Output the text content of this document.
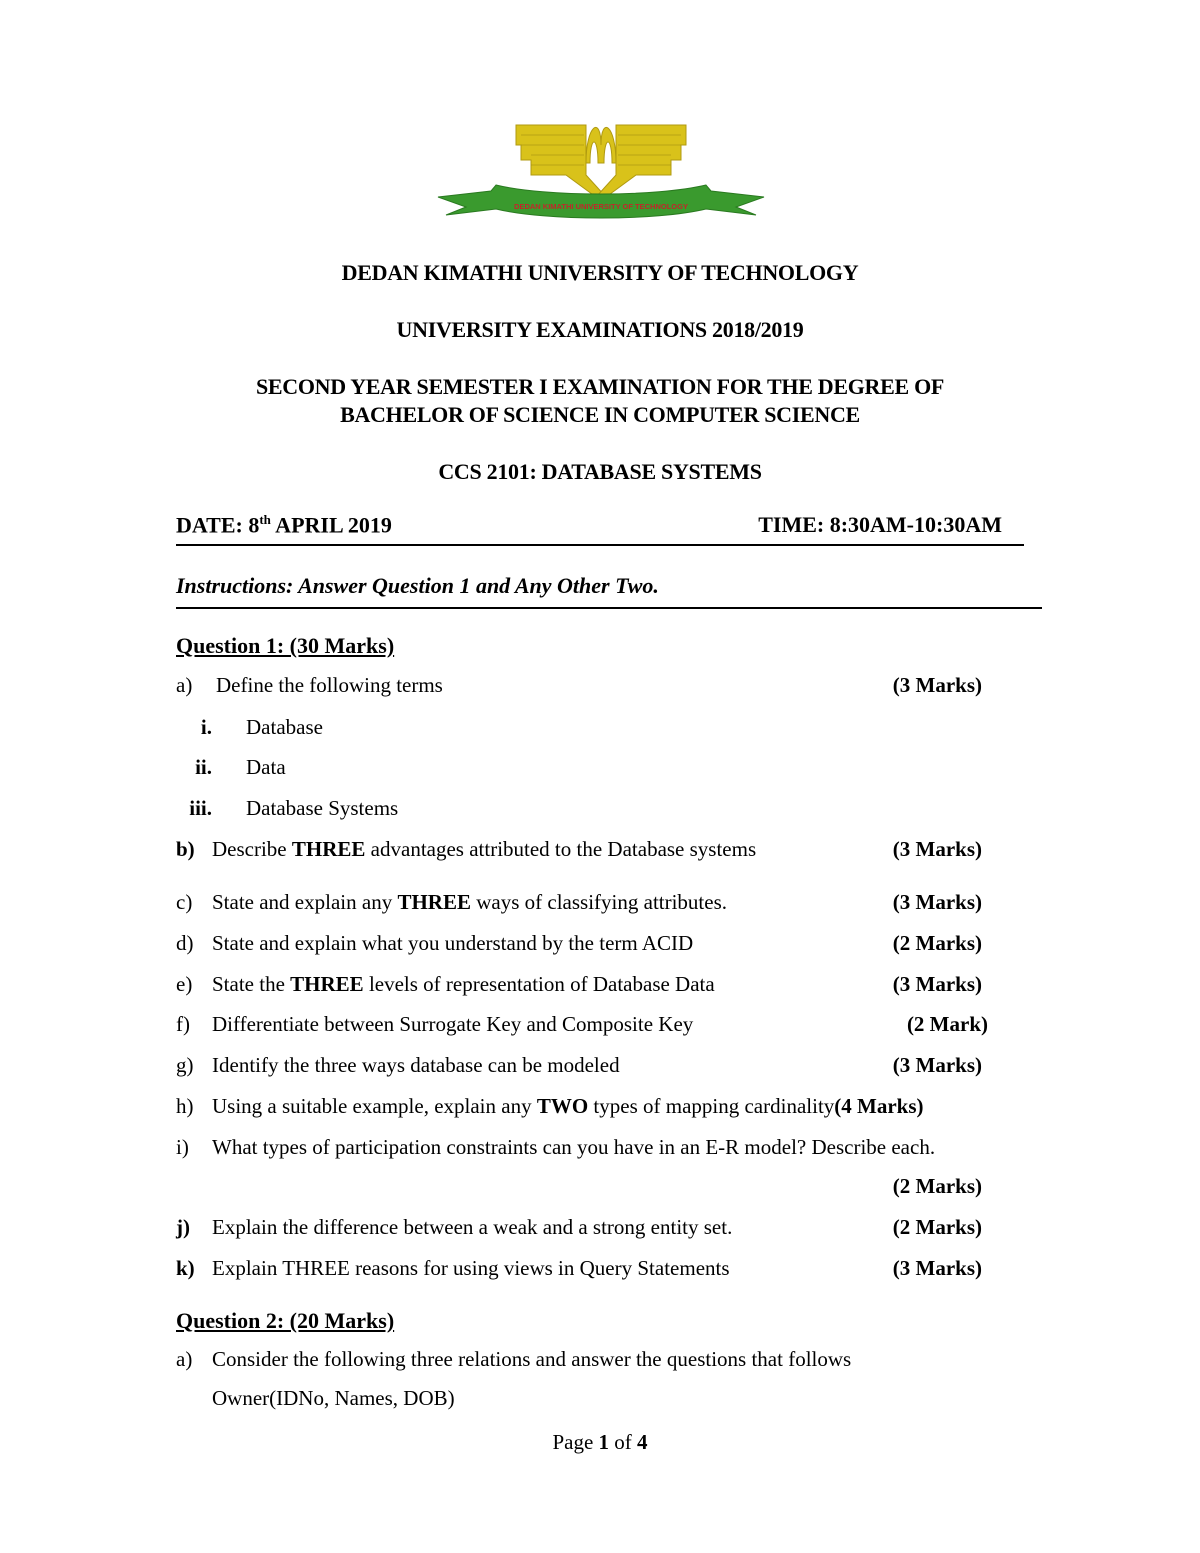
DEDAN KIMATHI UNIVERSITY OF TECHNOLOGY
DEDAN KIMATHI UNIVERSITY OF TECHNOLOGY
UNIVERSITY EXAMINATIONS 2018/2019
SECOND YEAR SEMESTER I EXAMINATION FOR THE DEGREE OF
BACHELOR OF SCIENCE IN COMPUTER SCIENCE
CCS 2101: DATABASE SYSTEMS
DATE: 8th APRIL 2019	TIME: 8:30AM-10:30AM
Instructions: Answer Question 1 and Any Other Two.
Question 1: (30 Marks)
a) Define the following terms	(3 Marks)
i. Database
ii. Data
iii. Database Systems
b) Describe THREE advantages attributed to the Database systems	(3 Marks)
c) State and explain any THREE ways of classifying attributes.	(3 Marks)
d) State and explain what you understand by the term ACID	(2 Marks)
e) State the THREE levels of representation of Database Data	(3 Marks)
f) Differentiate between Surrogate Key and Composite Key	(2 Mark)
g) Identify the three ways database can be modeled	(3 Marks)
h) Using a suitable example, explain any TWO types of mapping cardinality(4 Marks)
i) What types of participation constraints can you have in an E-R model? Describe each.
(2 Marks)
j) Explain the difference between a weak and a strong entity set.	(2 Marks)
k) Explain THREE reasons for using views in Query Statements	(3 Marks)
Question 2: (20 Marks)
a) Consider the following three relations and answer the questions that follows
Owner(IDNo, Names, DOB)
Page 1 of 4
